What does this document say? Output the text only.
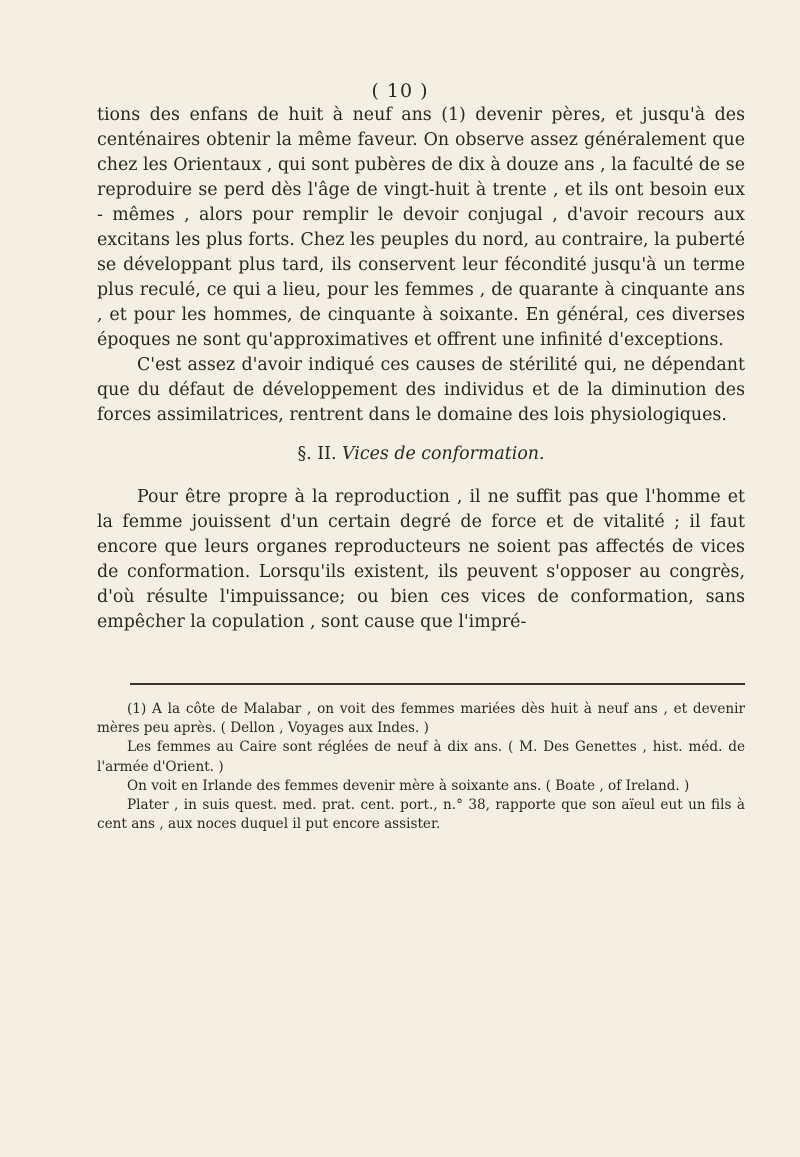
( 10 )

tions des enfans de huit à neuf ans (1) devenir pères, et jusqu'à des centénaires obtenir la même faveur. On observe assez généralement que chez les Orientaux , qui sont pubères de dix à douze ans , la faculté de se reproduire se perd dès l'âge de vingt-huit à trente , et ils ont besoin eux - mêmes , alors pour remplir le devoir conjugal , d'avoir recours aux excitans les plus forts. Chez les peuples du nord, au contraire, la puberté se développant plus tard, ils conservent leur fécondité jusqu'à un terme plus reculé, ce qui a lieu, pour les femmes , de quarante à cinquante ans , et pour les hommes, de cinquante à soixante. En général, ces diverses époques ne sont qu'approximatives et offrent une infinité d'exceptions.

C'est assez d'avoir indiqué ces causes de stérilité qui, ne dépendant que du défaut de développement des individus et de la diminution des forces assimilatrices, rentrent dans le domaine des lois physiologiques.

§. II. Vices de conformation.

Pour être propre à la reproduction , il ne suffit pas que l'homme et la femme jouissent d'un certain degré de force et de vitalité ; il faut encore que leurs organes reproducteurs ne soient pas affectés de vices de conformation. Lorsqu'ils existent, ils peuvent s'opposer au congrès, d'où résulte l'impuissance; ou bien ces vices de conformation, sans empêcher la copulation , sont cause que l'impré-

(1) A la côte de Malabar , on voit des femmes mariées dès huit à neuf ans , et devenir mères peu après. ( Dellon , Voyages aux Indes. )

Les femmes au Caire sont réglées de neuf à dix ans. ( M. Des Genettes , hist. méd. de l'armée d'Orient. )

On voit en Irlande des femmes devenir mère à soixante ans. ( Boate , of Ireland. )

Plater , in suis quest. med. prat. cent. port., n.° 38, rapporte que son aïeul eut un fils à cent ans , aux noces duquel il put encore assister.
